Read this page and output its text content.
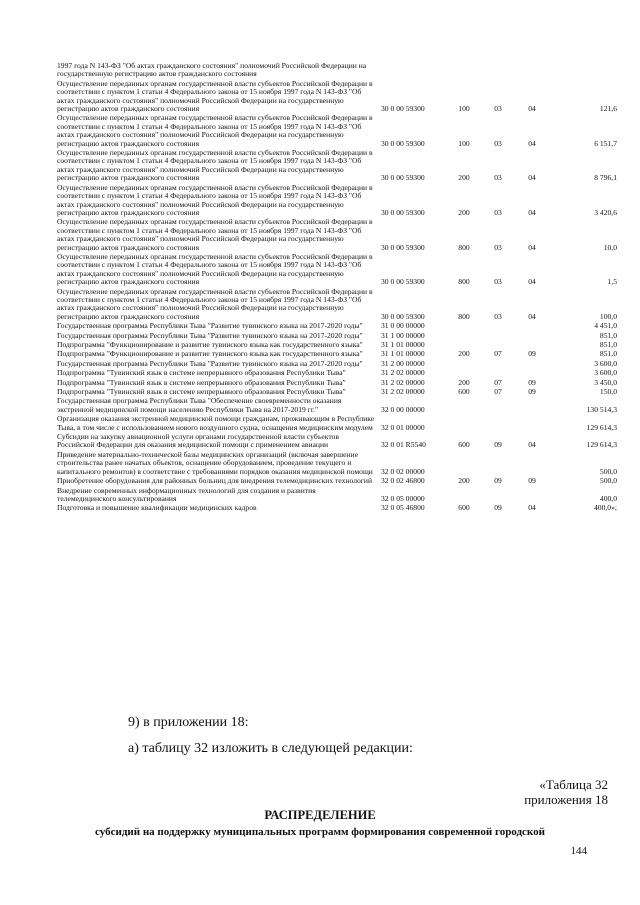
1997 года N 143-ФЗ "Об актах гражданского состояния" полномочий Российской Федерации на государственную регистрацию актов гражданского состояния					
Осуществление переданных органам государственной власти субъектов Российской Федерации в соответствии с пунктом 1 статьи 4 Федерального закона от 15 ноября 1997 года N 143-ФЗ "Об актах гражданского состояния" полномочий Российской Федерации на государственную регистрацию актов гражданского состояния	30 0 00 59300	100	03	04	121,6
Осуществление переданных органам государственной власти субъектов Российской Федерации в соответствии с пунктом 1 статьи 4 Федерального закона от 15 ноября 1997 года N 143-ФЗ "Об актах гражданского состояния" полномочий Российской Федерации на государственную регистрацию актов гражданского состояния	30 0 00 59300	100	03	04	6 151,7
Осуществление переданных органам государственной власти субъектов Российской Федерации в соответствии с пунктом 1 статьи 4 Федерального закона от 15 ноября 1997 года N 143-ФЗ "Об актах гражданского состояния" полномочий Российской Федерации на государственную регистрацию актов гражданского состояния	30 0 00 59300	200	03	04	8 796,1
Осуществление переданных органам государственной власти субъектов Российской Федерации в соответствии с пунктом 1 статьи 4 Федерального закона от 15 ноября 1997 года N 143-ФЗ "Об актах гражданского состояния" полномочий Российской Федерации на государственную регистрацию актов гражданского состояния	30 0 00 59300	200	03	04	3 420,6
Осуществление переданных органам государственной власти субъектов Российской Федерации в соответствии с пунктом 1 статьи 4 Федерального закона от 15 ноября 1997 года N 143-ФЗ "Об актах гражданского состояния" полномочий Российской Федерации на государственную регистрацию актов гражданского состояния	30 0 00 59300	800	03	04	10,0
Осуществление переданных органам государственной власти субъектов Российской Федерации в соответствии с пунктом 1 статьи 4 Федерального закона от 15 ноября 1997 года N 143-ФЗ "Об актах гражданского состояния" полномочий Российской Федерации на государственную регистрацию актов гражданского состояния	30 0 00 59300	800	03	04	1,5
Осуществление переданных органам государственной власти субъектов Российской Федерации в соответствии с пунктом 1 статьи 4 Федерального закона от 15 ноября 1997 года N 143-ФЗ "Об актах гражданского состояния" полномочий Российской Федерации на государственную регистрацию актов гражданского состояния	30 0 00 59300	800	03	04	100,0
Государственная программа Республики Тыва "Развитие тувинского языка на 2017-2020 годы"	31 0 00 00000				4 451,0
Государственная программа Республики Тыва "Развитие тувинского языка на 2017-2020 годы"	31 1 00 00000				851,0
Подпрограмма "Функционирование и развитие тувинского языка как государственного языка"	31 1 01 00000				851,0
Подпрограмма "Функционирование и развитие тувинского языка как государственного языка"	31 1 01 00000	200	07	09	851,0
Государственная программа Республики Тыва "Развитие тувинского языка на 2017-2020 годы"	31 2 00 00000				3 600,0
Подпрограмма "Тувинский язык в системе непрерывного образования Республики Тыва"	31 2 02 00000				3 600,0
Подпрограмма "Тувинский язык в системе непрерывного образования Республики Тыва"	31 2 02 00000	200	07	09	3 450,0
Подпрограмма "Тувинский язык в системе непрерывного образования Республики Тыва"	31 2 02 00000	600	07	09	150,0
Государственная программа Республики Тыва "Обеспечение своевременности оказания экстренной медицинской помощи населению Республики Тыва на 2017-2019 гг."	32 0 00 00000				130 514,3
Организация оказания экстренной медицинской помощи гражданам, проживающим в Республике Тыва, в том числе с использованием нового воздушного судна, оснащения медицинским модулем	32 0 01 00000				129 614,3
Субсидии на закупку авиационной услуги органами государственной власти субъектов Российской Федерации для оказания медицинской помощи с применением авиации	32 0 01 R5540	600	09	04	129 614,3
Приведение материально-технической базы медицинских организаций (включая завершение строительства ранее начатых объектов, оснащение оборудованием, проведение текущего и капитального ремонтов) в соответствие с требованиями порядков оказания медицинской помощи	32 0 02 00000				500,0
Приобретение оборудования для районных больниц для внедрения телемедицинских технологий	32 0 02 46800	200	09	09	500,0
Внедрение современных информационных технологий для создания и развития телемедицинского консультирования	32 0 05 00000				400,0
Подготовка и повышение квалификации медицинских кадров	32 0 05 46800	600	09	04	400,0»;
9) в приложении 18:
а) таблицу 32 изложить в следующей редакции:
«Таблица 32
приложения 18
РАСПРЕДЕЛЕНИЕ
субсидий на поддержку муниципальных программ формирования современной городской
144
